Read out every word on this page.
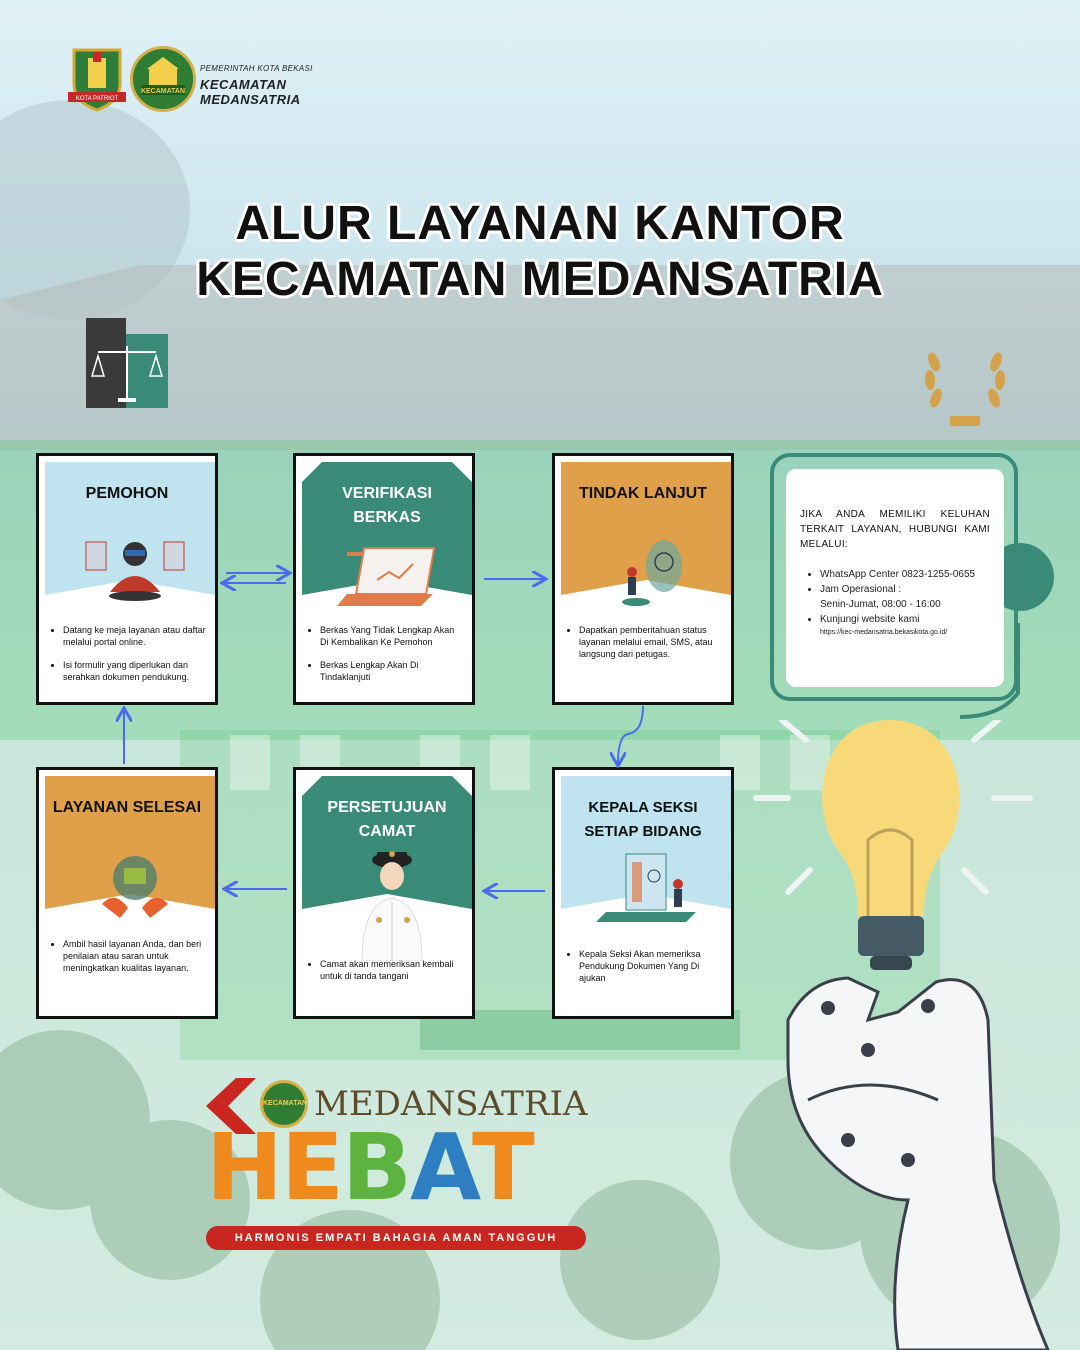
KOTA PATRIOT
KECAMATAN
PEMERINTAH KOTA BEKASI
KECAMATAN MEDANSATRIA
ALUR LAYANAN KANTOR
KECAMATAN MEDANSATRIA
PEMOHON
• Datang ke meja layanan atau daftar melalui portal online.
• Isi formulir yang diperlukan dan serahkan dokumen pendukung.
VERIFIKASI BERKAS
• Berkas Yang Tidak Lengkap Akan Di Kembalikan Ke Pemohon
• Berkas Lengkap Akan Di Tindaklanjuti
TINDAK LANJUT
• Dapatkan pemberitahuan status layanan melalui email, SMS, atau langsung dari petugas.
LAYANAN SELESAI
• Ambil hasil layanan Anda, dan beri penilaian atau saran untuk meningkatkan kualitas layanan.
PERSETUJUAN CAMAT
• Camat akan memeriksan kembali untuk di tanda tangani
KEPALA SEKSI SETIAP BIDANG
• Kepala Seksi Akan memeriksa Pendukung Dokumen Yang Di ajukan
JIKA ANDA MEMILIKI KELUHAN TERKAIT LAYANAN, HUBUNGI KAMI MELALUI:
• WhatsApp Center 0823-1255-0655
• Jam Operasional :
Senin-Jumat, 08:00 - 16:00
• Kunjungi website kami
https://kec-medansatria.bekasikota.go.id/
KECAMATAN MEDANSATRIA
HEBAT
HARMONIS EMPATI BAHAGIA AMAN TANGGUH
